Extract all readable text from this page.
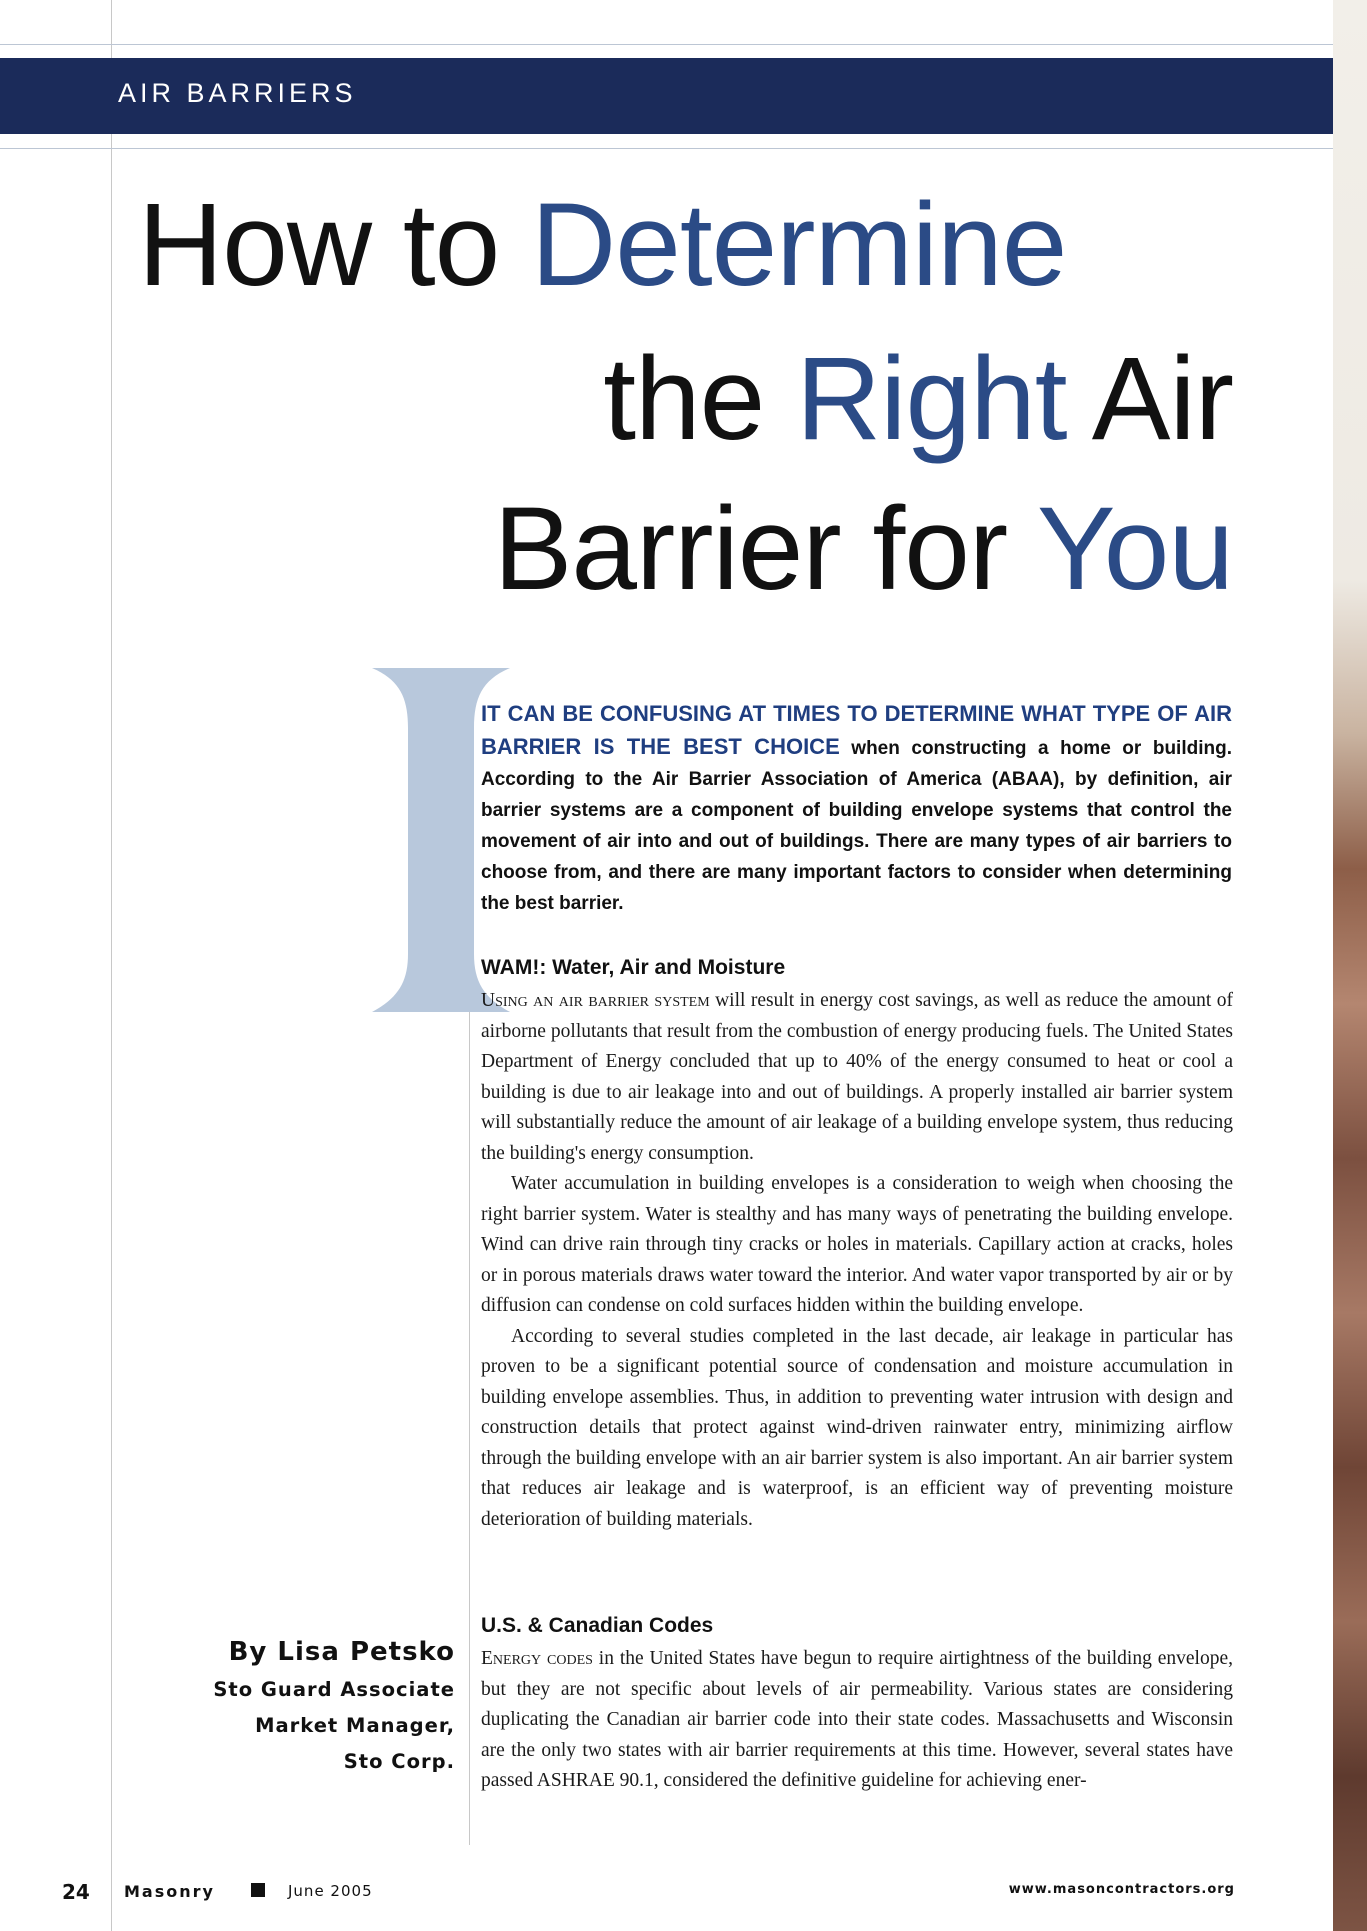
AIR BARRIERS
How to Determine
the Right Air
Barrier for You
IT CAN BE CONFUSING AT TIMES TO DETERMINE WHAT TYPE OF AIR BARRIER IS THE BEST CHOICE when constructing a home or building. According to the Air Barrier Association of America (ABAA), by definition, air barrier systems are a component of building envelope systems that control the movement of air into and out of buildings. There are many types of air barriers to choose from, and there are many important factors to consider when determining the best barrier.
WAM!: Water, Air and Moisture

Using an air barrier system will result in energy cost savings, as well as reduce the amount of airborne pollutants that result from the combustion of energy producing fuels. The United States Department of Energy concluded that up to 40% of the energy consumed to heat or cool a building is due to air leakage into and out of buildings. A properly installed air barrier system will substantially reduce the amount of air leakage of a building envelope system, thus reducing the building's energy consumption.

Water accumulation in building envelopes is a consideration to weigh when choosing the right barrier system. Water is stealthy and has many ways of penetrating the building envelope. Wind can drive rain through tiny cracks or holes in materials. Capillary action at cracks, holes or in porous materials draws water toward the interior. And water vapor transported by air or by diffusion can condense on cold surfaces hidden within the building envelope.

According to several studies completed in the last decade, air leakage in particular has proven to be a significant potential source of condensation and moisture accumulation in building envelope assemblies. Thus, in addition to preventing water intrusion with design and construction details that protect against wind-driven rainwater entry, minimizing airflow through the building envelope with an air barrier system is also important. An air barrier system that reduces air leakage and is waterproof, is an efficient way of preventing moisture deterioration of building materials.

U.S. & Canadian Codes

Energy codes in the United States have begun to require airtightness of the building envelope, but they are not specific about levels of air permeability. Various states are considering duplicating the Canadian air barrier code into their state codes. Massachusetts and Wisconsin are the only two states with air barrier requirements at this time. However, several states have passed ASHRAE 90.1, considered the definitive guideline for achieving ener-

By Lisa Petsko
Sto Guard Associate
Market Manager,
Sto Corp.
24 Masonry	June 2005	www.masoncontractors.org
